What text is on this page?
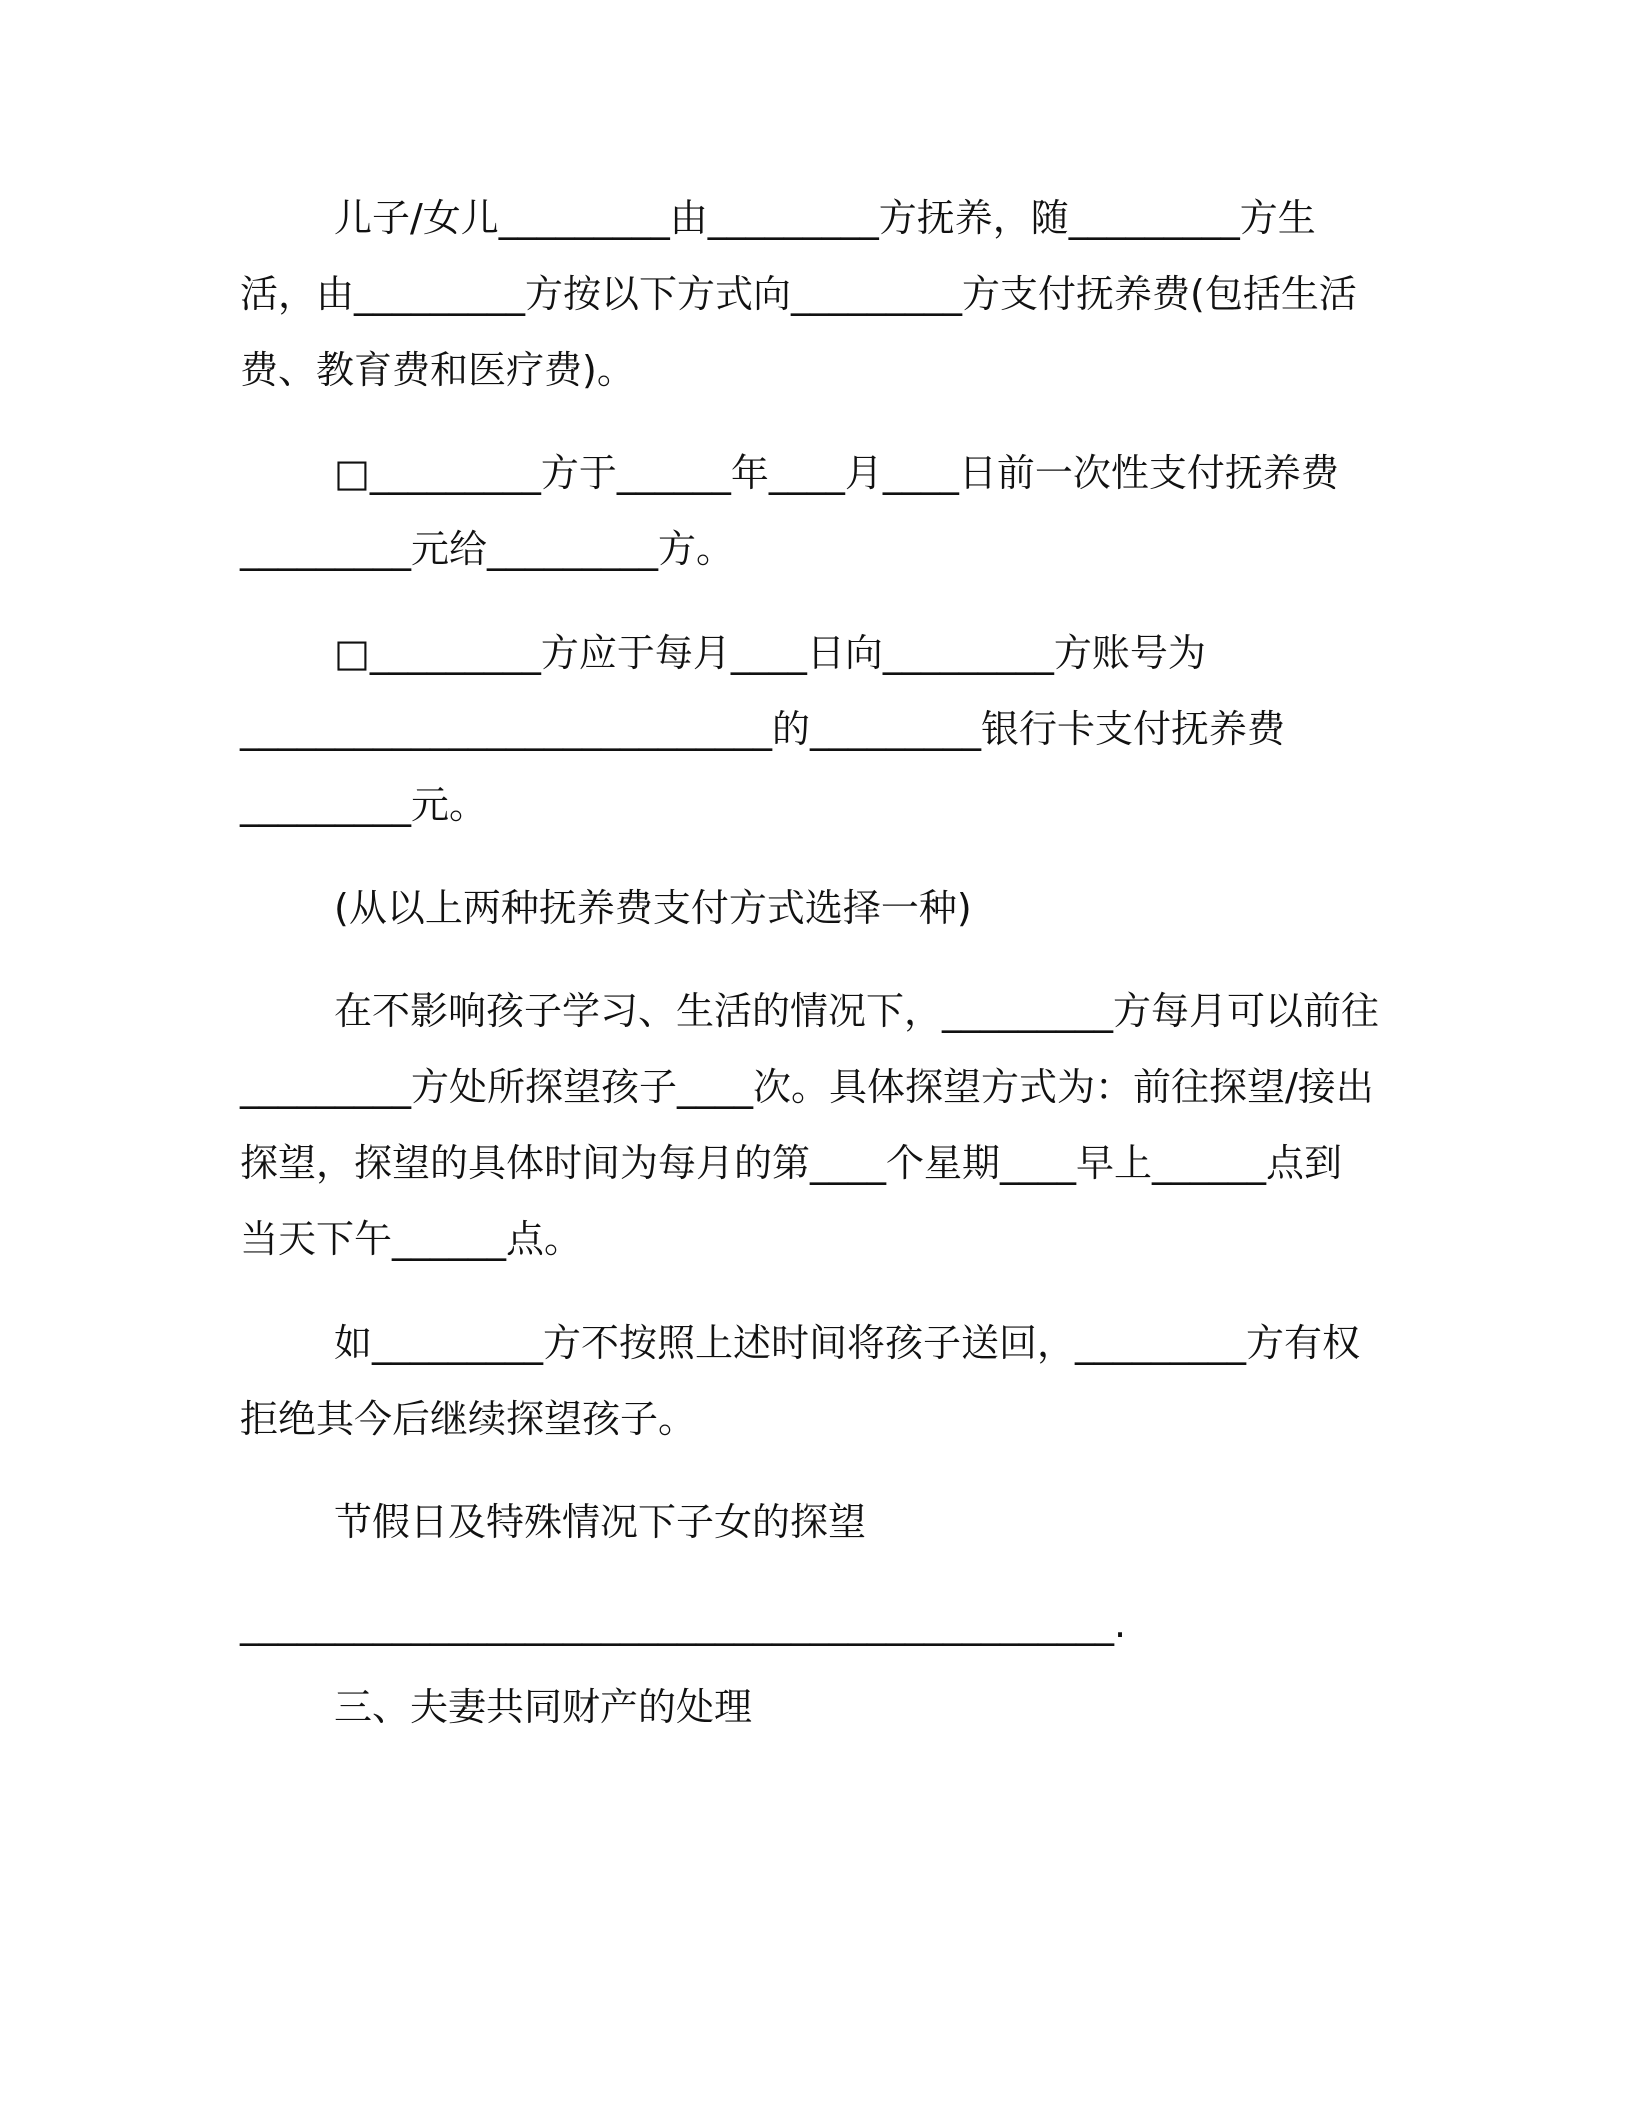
儿子/女儿_________由_________方抚养，随_________方生
活，由_________方按以下方式向_________方支付抚养费(包括生活
费、教育费和医疗费)。
□_________方于______年____月____日前一次性支付抚养费
_________元给_________方。
□_________方应于每月____日向_________方账号为
____________________________的_________银行卡支付抚养费
_________元。
(从以上两种抚养费支付方式选择一种)
在不影响孩子学习、生活的情况下，_________方每月可以前往
_________方处所探望孩子____次。具体探望方式为：前往探望/接出
探望，探望的具体时间为每月的第____个星期____早上______点到
当天下午______点。
如_________方不按照上述时间将孩子送回，_________方有权
拒绝其今后继续探望孩子。
节假日及特殊情况下子女的探望
______________________________________________.
三、夫妻共同财产的处理
